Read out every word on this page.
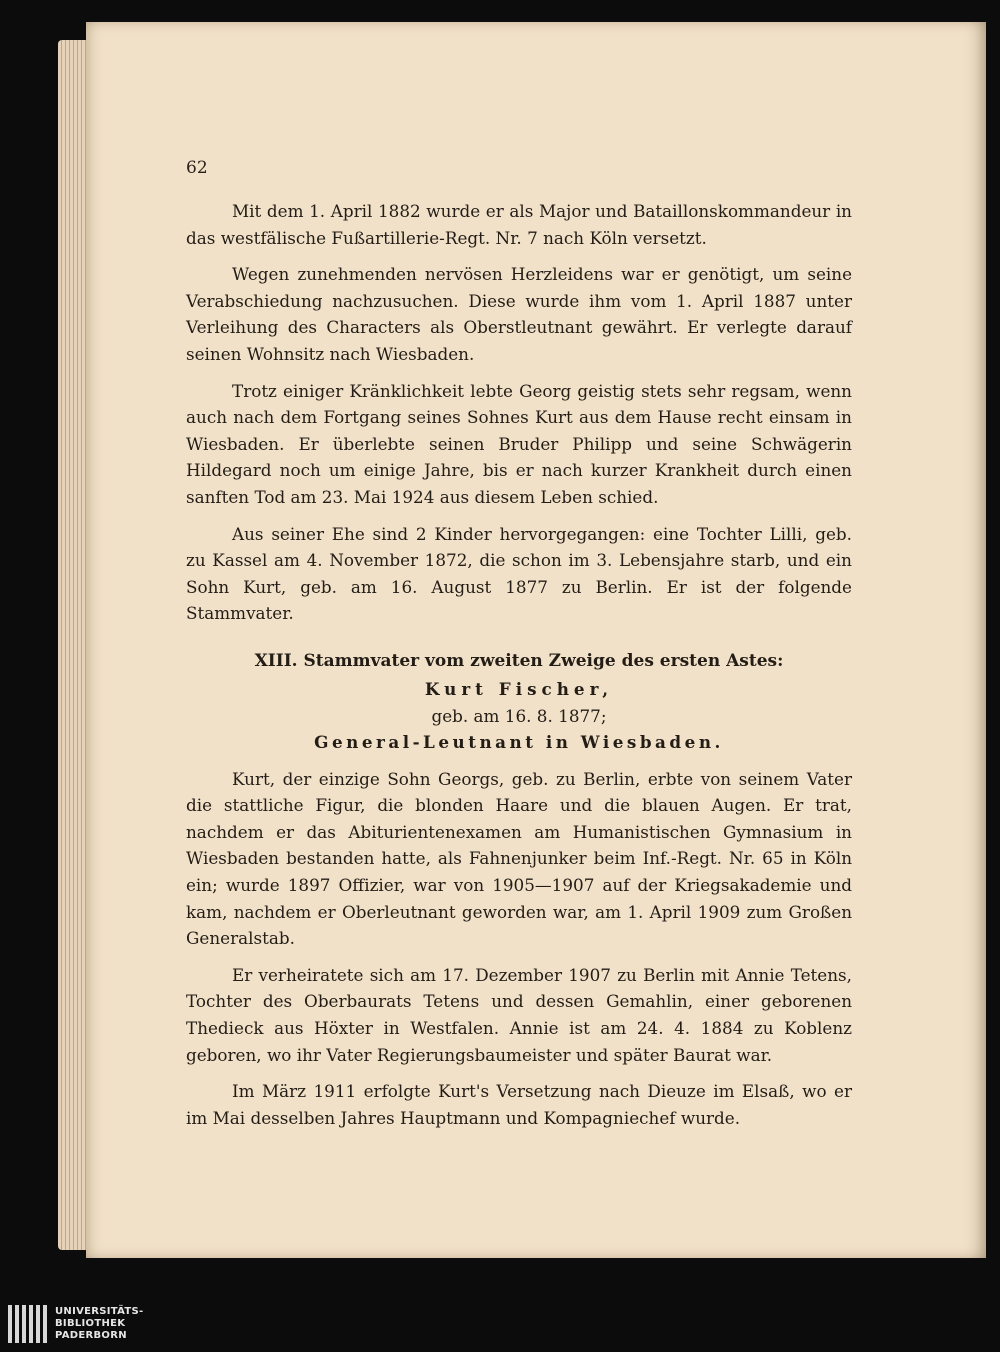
62

Mit dem 1. April 1882 wurde er als Major und Bataillonskommandeur in das westfälische Fußartillerie-Regt. Nr. 7 nach Köln versetzt.

Wegen zunehmenden nervösen Herzleidens war er genötigt, um seine Verabschiedung nachzusuchen. Diese wurde ihm vom 1. April 1887 unter Verleihung des Characters als Oberstleutnant gewährt. Er verlegte darauf seinen Wohnsitz nach Wiesbaden.

Trotz einiger Kränklichkeit lebte Georg geistig stets sehr regsam, wenn auch nach dem Fortgang seines Sohnes Kurt aus dem Hause recht einsam in Wiesbaden. Er überlebte seinen Bruder Philipp und seine Schwägerin Hildegard noch um einige Jahre, bis er nach kurzer Krankheit durch einen sanften Tod am 23. Mai 1924 aus diesem Leben schied.

Aus seiner Ehe sind 2 Kinder hervorgegangen: eine Tochter Lilli, geb. zu Kassel am 4. November 1872, die schon im 3. Lebensjahre starb, und ein Sohn Kurt, geb. am 16. August 1877 zu Berlin. Er ist der folgende Stammvater.

XIII. Stammvater vom zweiten Zweige des ersten Astes:
Kurt Fischer,
geb. am 16. 8. 1877;
General-Leutnant in Wiesbaden.

Kurt, der einzige Sohn Georgs, geb. zu Berlin, erbte von seinem Vater die stattliche Figur, die blonden Haare und die blauen Augen. Er trat, nachdem er das Abiturientenexamen am Humanistischen Gymnasium in Wiesbaden bestanden hatte, als Fahnenjunker beim Inf.-Regt. Nr. 65 in Köln ein; wurde 1897 Offizier, war von 1905—1907 auf der Kriegsakademie und kam, nachdem er Oberleutnant geworden war, am 1. April 1909 zum Großen Generalstab.

Er verheiratete sich am 17. Dezember 1907 zu Berlin mit Annie Tetens, Tochter des Oberbaurats Tetens und dessen Gemahlin, einer geborenen Thedieck aus Höxter in Westfalen. Annie ist am 24. 4. 1884 zu Koblenz geboren, wo ihr Vater Regierungsbaumeister und später Baurat war.

Im März 1911 erfolgte Kurt's Versetzung nach Dieuze im Elsaß, wo er im Mai desselben Jahres Hauptmann und Kompagniechef wurde.

UNIVERSITÄTS-
BIBLIOTHEK
PADERBORN
